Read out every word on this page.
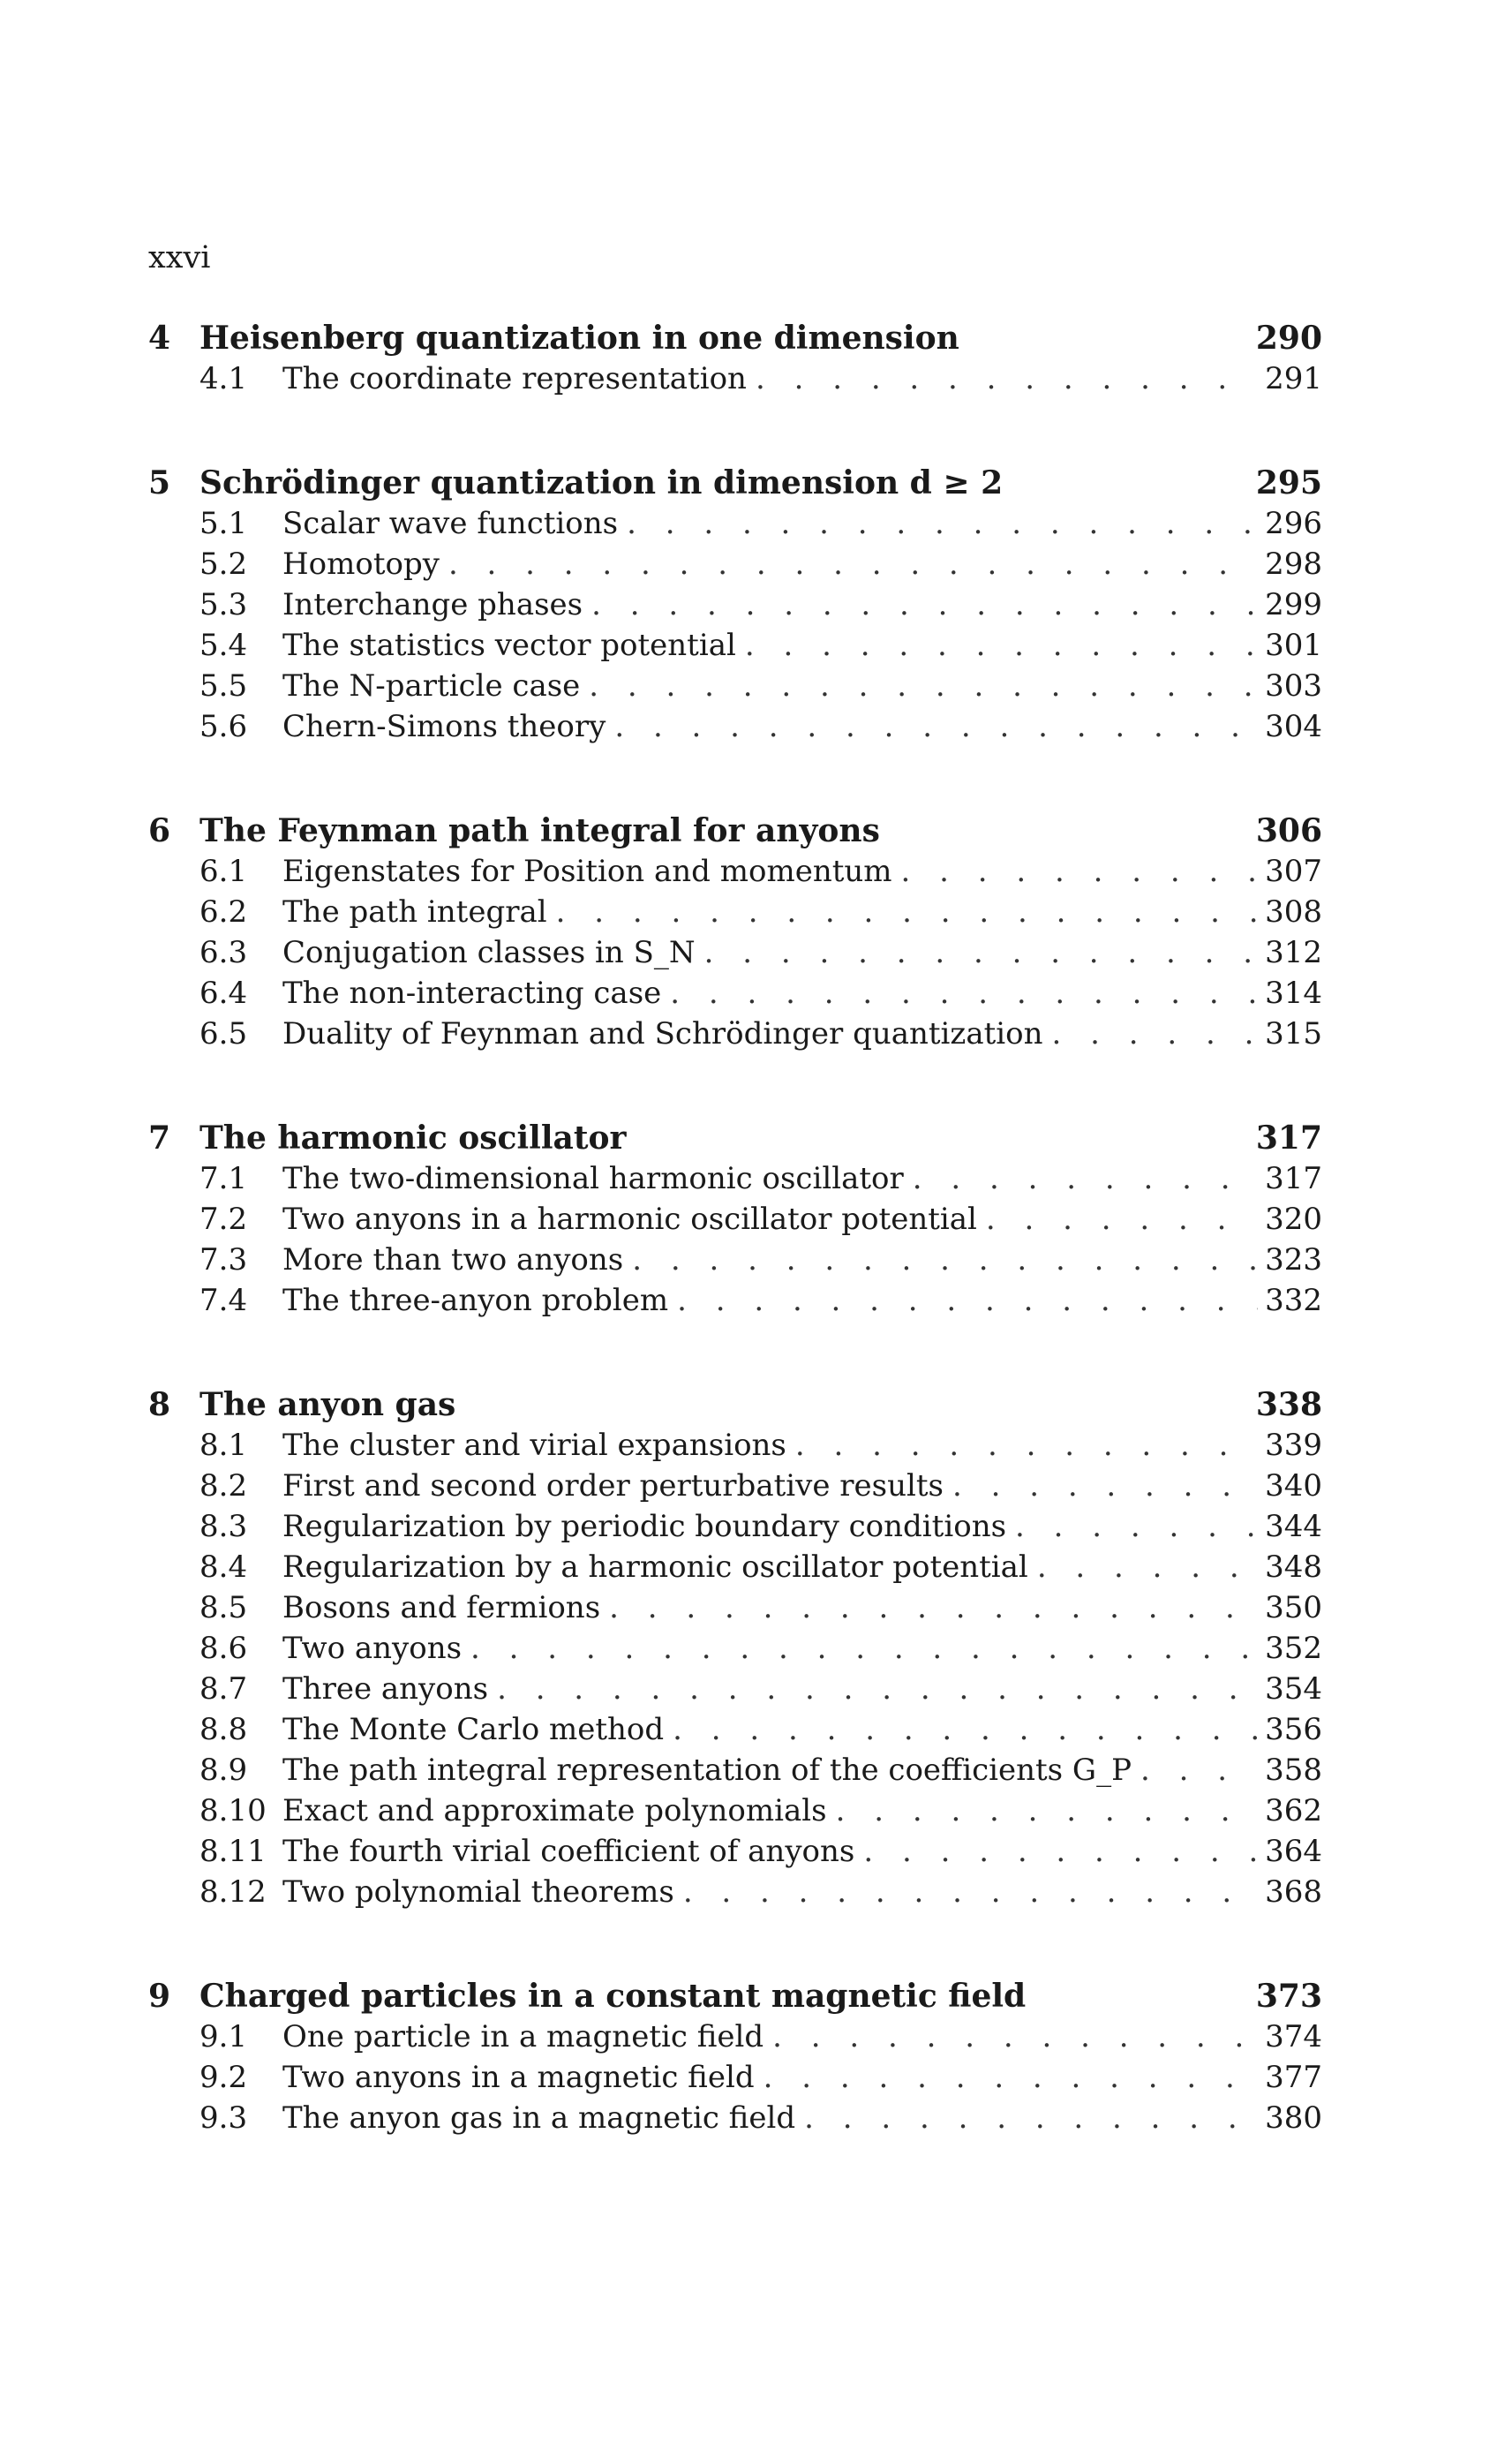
xxvi
4 Heisenberg quantization in one dimension	290
4.1 The coordinate representation . . .	291
5 Schrödinger quantization in dimension d ≥ 2	295
5.1 Scalar wave functions . . .	296
5.2 Homotopy . . .	298
5.3 Interchange phases . . .	299
5.4 The statistics vector potential . . .	301
5.5 The N-particle case . . .	303
5.6 Chern-Simons theory . . .	304
6 The Feynman path integral for anyons	306
6.1 Eigenstates for Position and momentum . . .	307
6.2 The path integral . . .	308
6.3 Conjugation classes in S_N . . .	312
6.4 The non-interacting case . . .	314
6.5 Duality of Feynman and Schrödinger quantization . . .	315
7 The harmonic oscillator	317
7.1 The two-dimensional harmonic oscillator . . .	317
7.2 Two anyons in a harmonic oscillator potential . . .	320
7.3 More than two anyons . . .	323
7.4 The three-anyon problem . . .	332
8 The anyon gas	338
8.1 The cluster and virial expansions . . .	339
8.2 First and second order perturbative results . . .	340
8.3 Regularization by periodic boundary conditions . . .	344
8.4 Regularization by a harmonic oscillator potential . . .	348
8.5 Bosons and fermions . . .	350
8.6 Two anyons . . .	352
8.7 Three anyons . . .	354
8.8 The Monte Carlo method . . .	356
8.9 The path integral representation of the coefficients G_P . . .	358
8.10 Exact and approximate polynomials . . .	362
8.11 The fourth virial coefficient of anyons . . .	364
8.12 Two polynomial theorems . . .	368
9 Charged particles in a constant magnetic field	373
9.1 One particle in a magnetic field . . .	374
9.2 Two anyons in a magnetic field . . .	377
9.3 The anyon gas in a magnetic field . . .	380
